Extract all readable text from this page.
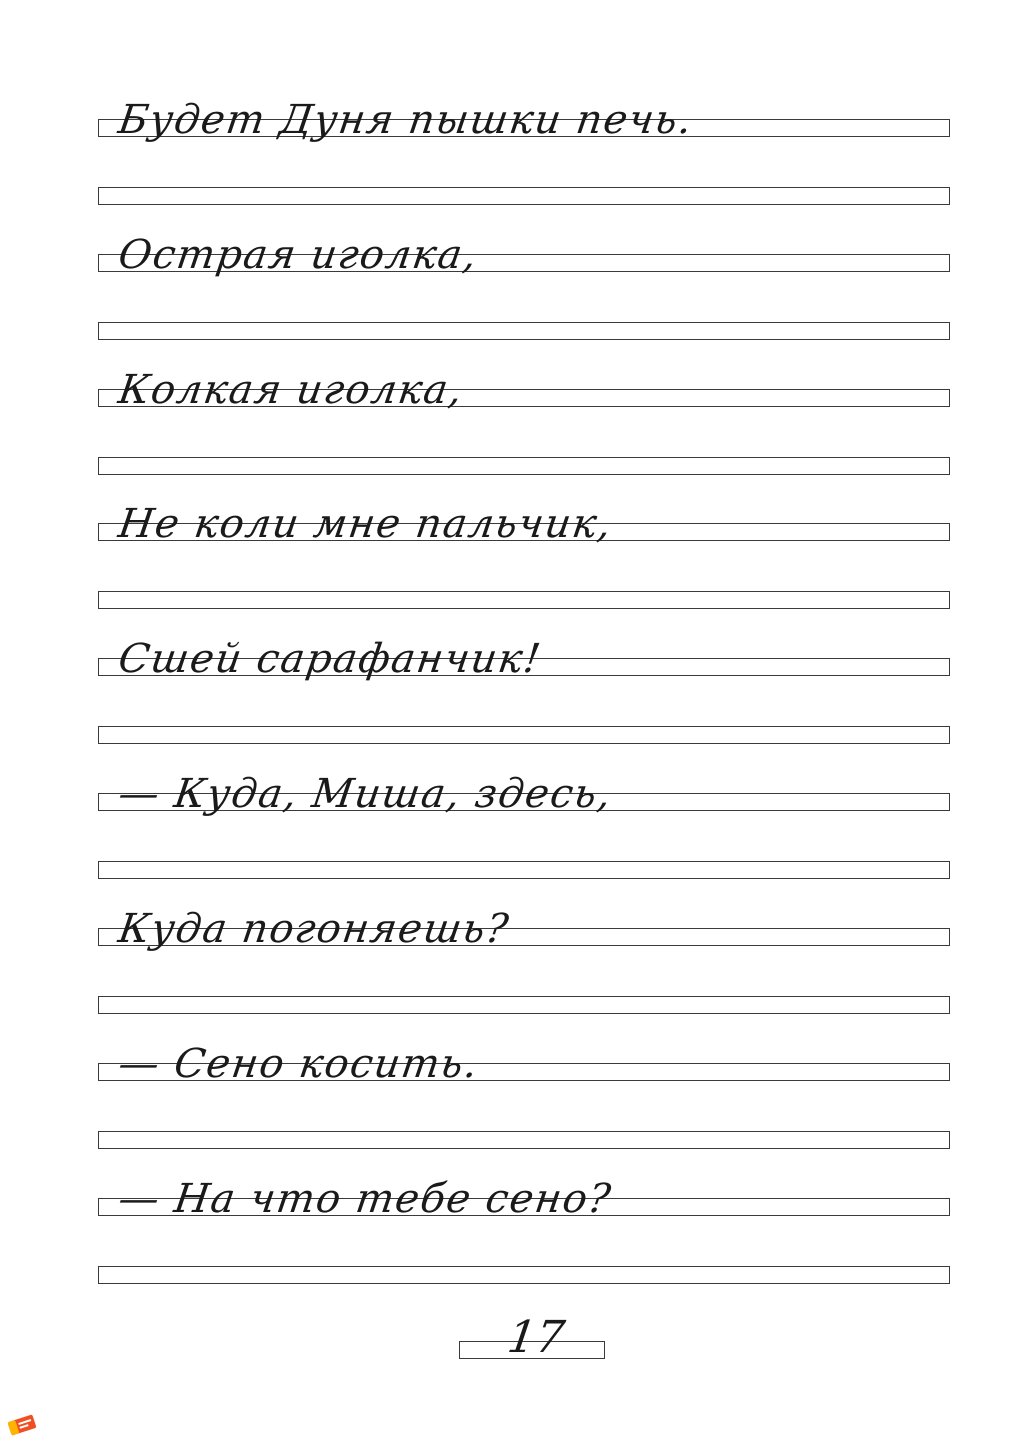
Будет Дуня пышки печь.
Острая иголка,
Колкая иголка,
Не коли мне пальчик,
Сшей сарафанчик!
— Куда, Миша, здесь,
Куда погоняешь?
— Сено косить.
— На что тебе сено?
17
